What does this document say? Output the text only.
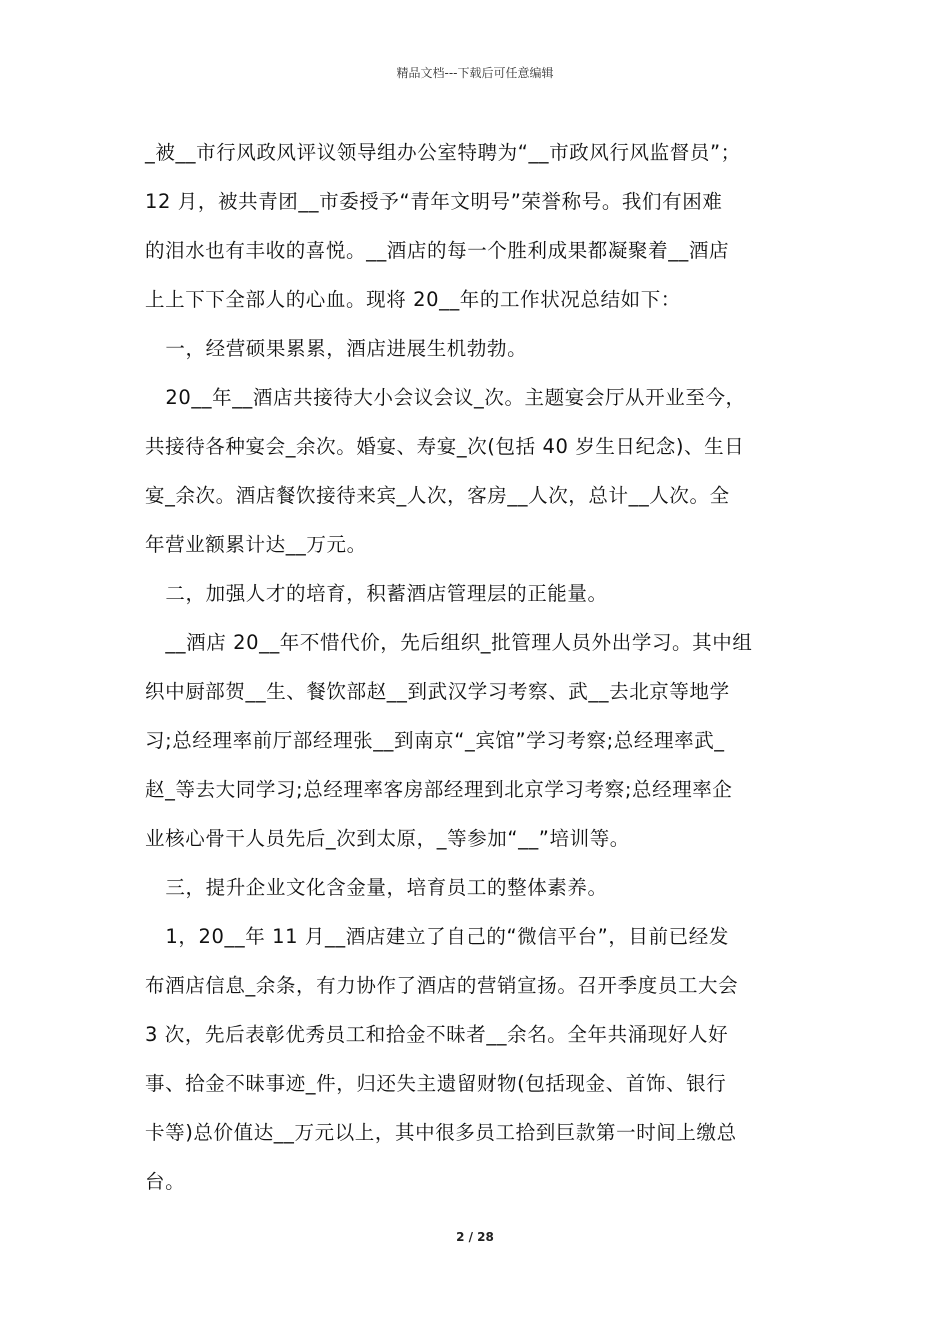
精品文档---下载后可任意编辑

_被__市行风政风评议领导组办公室特聘为“__市政风行风监督员”；

12 月，被共青团__市委授予“青年文明号”荣誉称号。我们有困难

的泪水也有丰收的喜悦。__酒店的每一个胜利成果都凝聚着__酒店

上上下下全部人的心血。现将 20__年的工作状况总结如下：

一，经营硕果累累，酒店进展生机勃勃。

20__年__酒店共接待大小会议会议_次。主题宴会厅从开业至今，

共接待各种宴会_余次。婚宴、寿宴_次(包括 40 岁生日纪念)、生日

宴_余次。酒店餐饮接待来宾_人次，客房__人次，总计__人次。全

年营业额累计达__万元。

二，加强人才的培育，积蓄酒店管理层的正能量。

__酒店 20__年不惜代价，先后组织_批管理人员外出学习。其中组

织中厨部贺__生、餐饮部赵__到武汉学习考察、武__去北京等地学

习;总经理率前厅部经理张__到南京“_宾馆”学习考察;总经理率武_

赵_等去大同学习;总经理率客房部经理到北京学习考察;总经理率企

业核心骨干人员先后_次到太原，_等参加“__”培训等。

三，提升企业文化含金量，培育员工的整体素养。

1，20__年 11 月__酒店建立了自己的“微信平台”，目前已经发

布酒店信息_余条，有力协作了酒店的营销宣扬。召开季度员工大会

3 次，先后表彰优秀员工和拾金不昧者__余名。全年共涌现好人好

事、拾金不昧事迹_件，归还失主遗留财物(包括现金、首饰、银行

卡等)总价值达__万元以上，其中很多员工拾到巨款第一时间上缴总

台。

2 / 28
